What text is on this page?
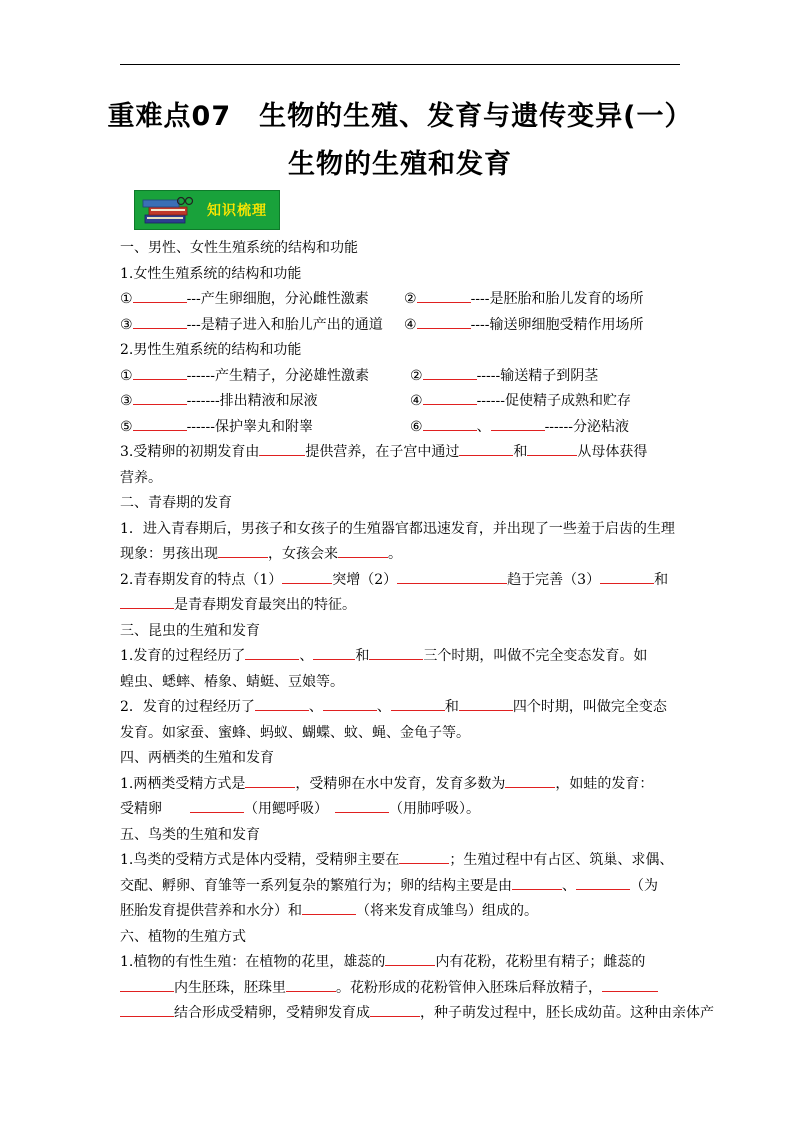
重难点07　生物的生殖、发育与遗传变异(一）
生物的生殖和发育
知识梳理
一、男性、女性生殖系统的结构和功能
1.女性生殖系统的结构和功能
①	---产生卵细胞，分沁雌性激素	②	----是胚胎和胎儿发育的场所
③	---是精子进入和胎儿产出的通道 ④	----输送卵细胞受精作用场所
2.男性生殖系统的结构和功能
①	------产生精子，分泌雄性激素	②	-----输送精子到阴茎
③	-------排出精液和尿液	④	------促使精子成熟和贮存
⑤	------保护睾丸和附睾	⑥	、	------分泌粘液
3.受精卵的初期发育由	提供营养，在子宫中通过	和	从母体获得
营养。
二、青春期的发育
1．进入青春期后，男孩子和女孩子的生殖器官都迅速发育，并出现了一些羞于启齿的生理
现象：男孩出现	，女孩会来	。
2.青春期发育的特点（1）	突增（2）	趋于完善（3）	和
是青春期发育最突出的特征。
三、昆虫的生殖和发育
1.发育的过程经历了	、	和	三个时期，叫做不完全变态发育。如
蝗虫、蟋蟀、椿象、蜻蜓、豆娘等。
2．发育的过程经历了	、	、	和	四个时期，叫做完全变态
发育。如家蚕、蜜蜂、蚂蚁、蝴蝶、蚊、蝇、金龟子等。
四、两栖类的生殖和发育
1.两栖类受精方式是	，受精卵在水中发育，发育多数为	，如蛙的发育：
受精卵　　	（用鳃呼吸）　	（用肺呼吸）。
五、鸟类的生殖和发育
1.鸟类的受精方式是体内受精，受精卵主要在	；生殖过程中有占区、筑巢、求偶、
交配、孵卵、育雏等一系列复杂的繁殖行为；卵的结构主要是由	、	（为
胚胎发育提供营养和水分）和	（将来发育成雏鸟）组成的。
六、植物的生殖方式
1.植物的有性生殖：在植物的花里，雄蕊的	内有花粉，花粉里有精子；雌蕊的
内生胚珠，胚珠里	。花粉形成的花粉管伸入胚珠后释放精子，
结合形成受精卵，受精卵发育成	，种子萌发过程中，胚长成幼苗。这种由亲体产
